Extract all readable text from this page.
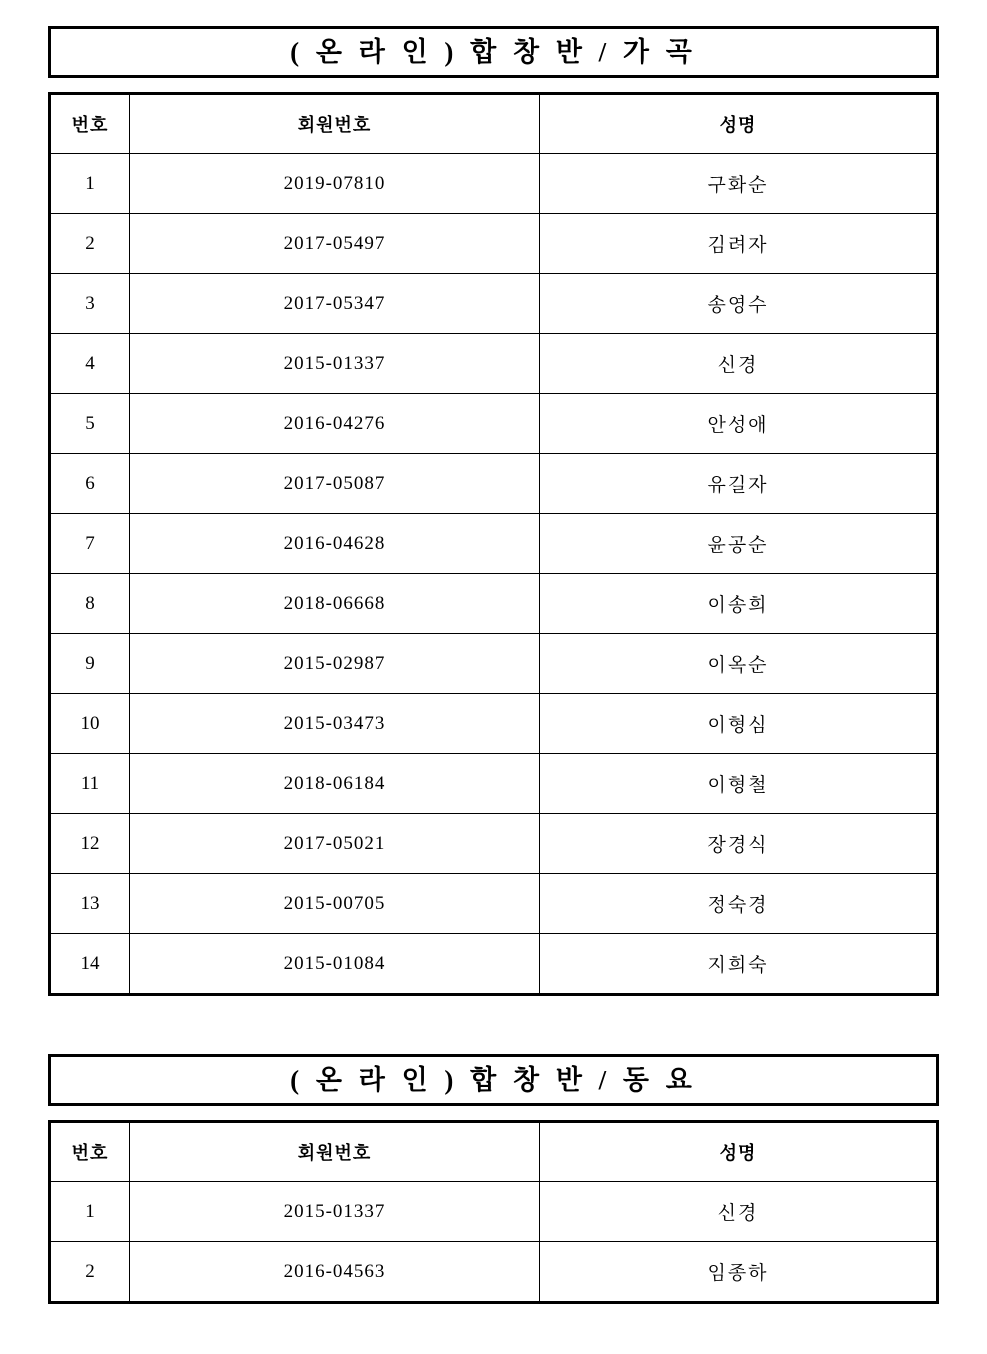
( 온 라 인 ) 합 창 반 / 가 곡
번호	회원번호	성명
1	2019-07810	구화순
2	2017-05497	김려자
3	2017-05347	송영수
4	2015-01337	신경
5	2016-04276	안성애
6	2017-05087	유길자
7	2016-04628	윤공순
8	2018-06668	이송희
9	2015-02987	이옥순
10	2015-03473	이형심
11	2018-06184	이형철
12	2017-05021	장경식
13	2015-00705	정숙경
14	2015-01084	지희숙
( 온 라 인 ) 합 창 반 / 동 요
번호	회원번호	성명
1	2015-01337	신경
2	2016-04563	임종하
